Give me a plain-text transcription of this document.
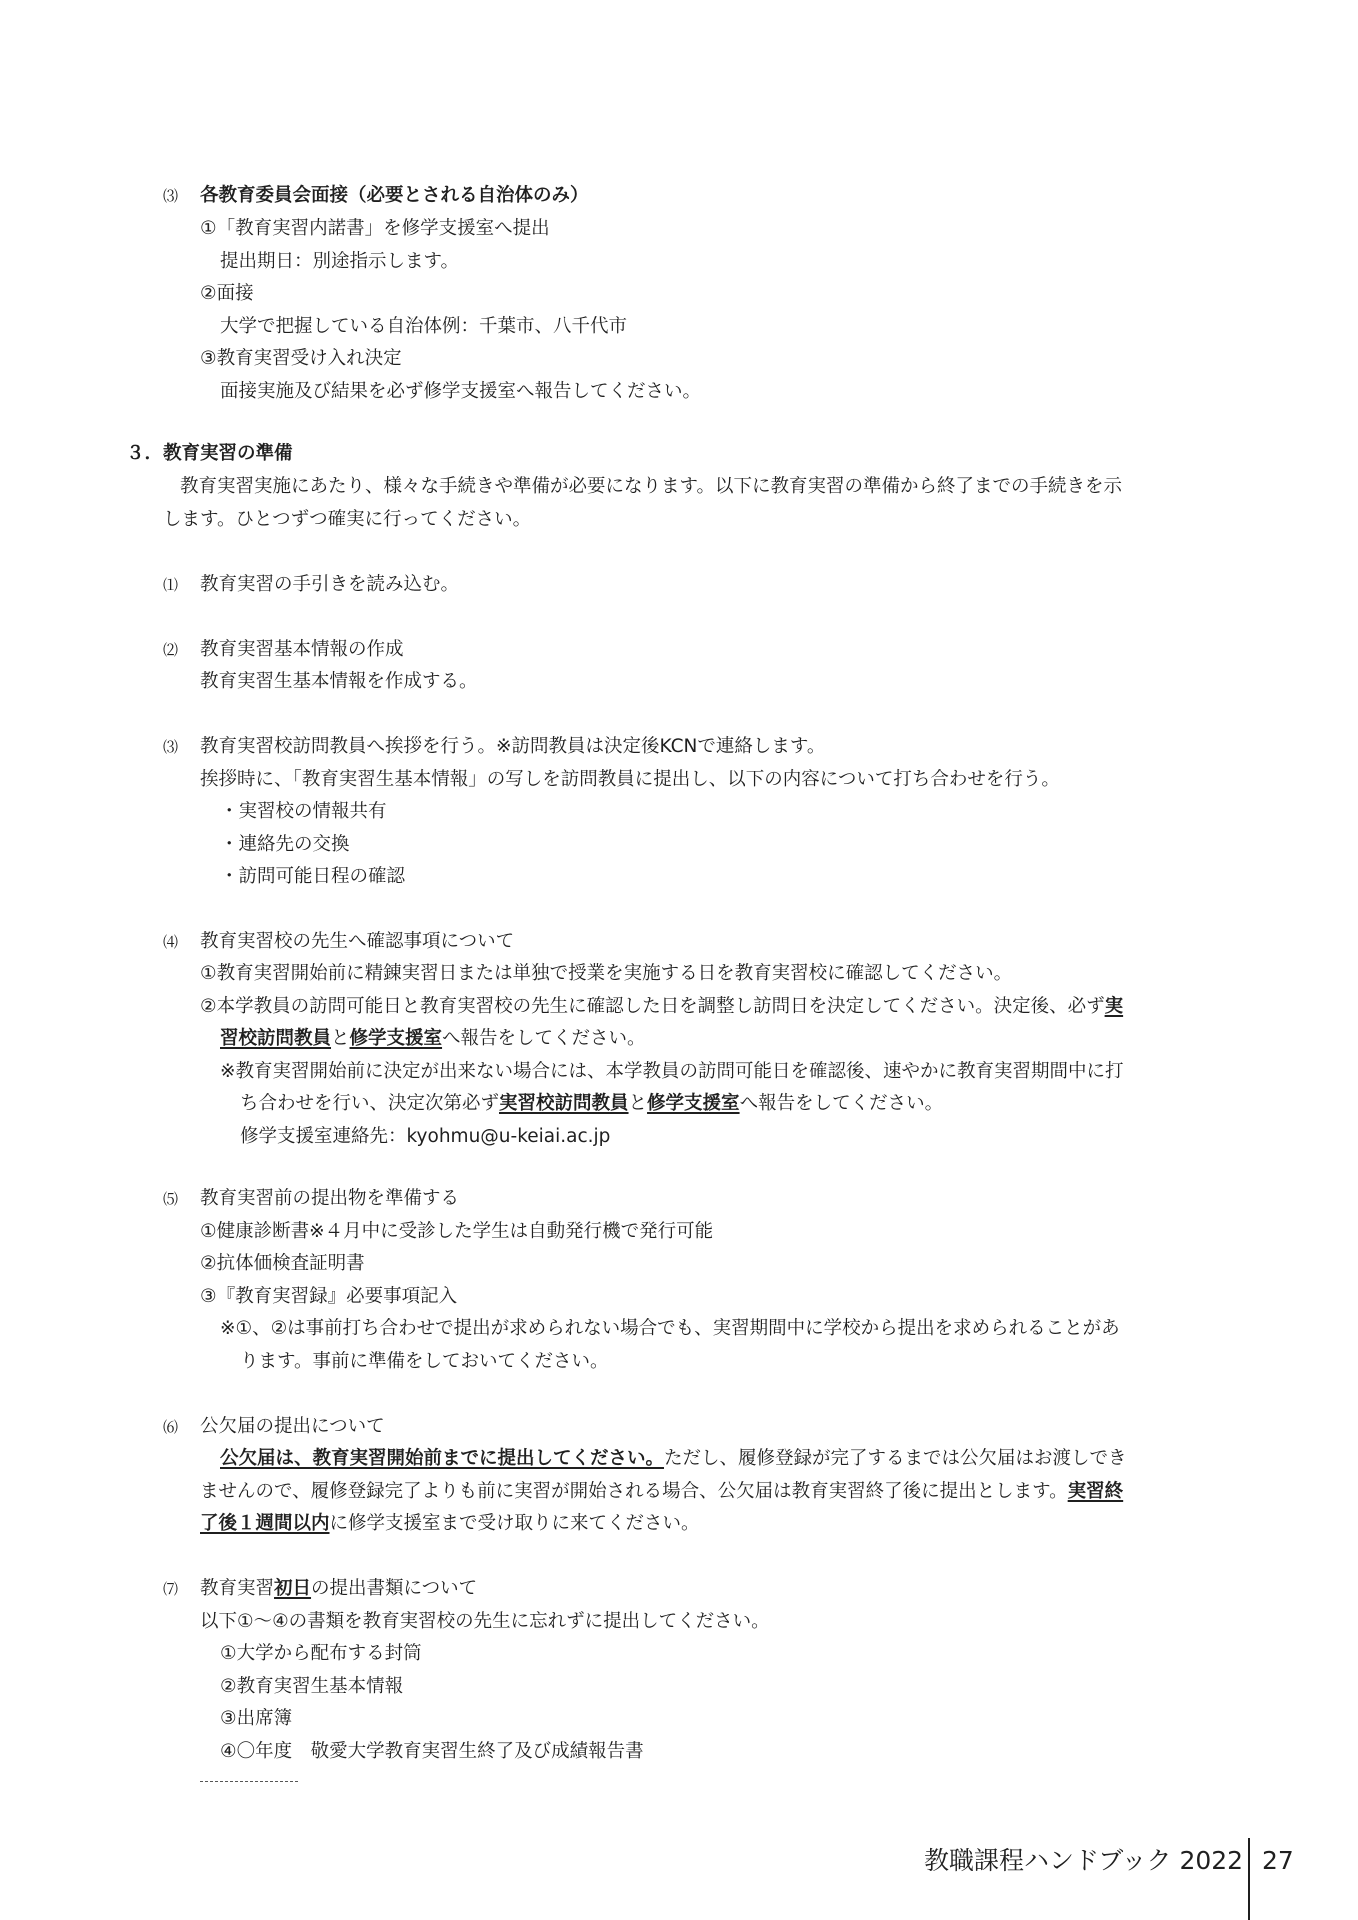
⑶ 各教育委員会面接（必要とされる自治体のみ）
①「教育実習内諾書」を修学支援室へ提出
提出期日：別途指示します。
②面接
大学で把握している自治体例：千葉市、八千代市
③教育実習受け入れ決定
面接実施及び結果を必ず修学支援室へ報告してください。
３．教育実習の準備
教育実習実施にあたり、様々な手続きや準備が必要になります。以下に教育実習の準備から終了までの手続きを示
します。ひとつずつ確実に行ってください。
⑴ 教育実習の手引きを読み込む。
⑵ 教育実習基本情報の作成
教育実習生基本情報を作成する。
⑶ 教育実習校訪問教員へ挨拶を行う。※訪問教員は決定後KCNで連絡します。
挨拶時に、「教育実習生基本情報」の写しを訪問教員に提出し、以下の内容について打ち合わせを行う。
・実習校の情報共有
・連絡先の交換
・訪問可能日程の確認
⑷ 教育実習校の先生へ確認事項について
①教育実習開始前に精錬実習日または単独で授業を実施する日を教育実習校に確認してください。
②本学教員の訪問可能日と教育実習校の先生に確認した日を調整し訪問日を決定してください。決定後、必ず実
習校訪問教員と修学支援室へ報告をしてください。
※教育実習開始前に決定が出来ない場合には、本学教員の訪問可能日を確認後、速やかに教育実習期間中に打
ち合わせを行い、決定次第必ず実習校訪問教員と修学支援室へ報告をしてください。
修学支援室連絡先：kyohmu@u-keiai.ac.jp
⑸ 教育実習前の提出物を準備する
①健康診断書※４月中に受診した学生は自動発行機で発行可能
②抗体価検査証明書
③『教育実習録』必要事項記入
※①、②は事前打ち合わせで提出が求められない場合でも、実習期間中に学校から提出を求められることがあ
ります。事前に準備をしておいてください。
⑹ 公欠届の提出について
公欠届は、教育実習開始前までに提出してください。ただし、履修登録が完了するまでは公欠届はお渡しでき
ませんので、履修登録完了よりも前に実習が開始される場合、公欠届は教育実習終了後に提出とします。実習終
了後１週間以内に修学支援室まで受け取りに来てください。
⑺ 教育実習初日の提出書類について
以下①～④の書類を教育実習校の先生に忘れずに提出してください。
①大学から配布する封筒
②教育実習生基本情報
③出席簿
④〇年度　敬愛大学教育実習生終了及び成績報告書
教職課程ハンドブック 2022 27
